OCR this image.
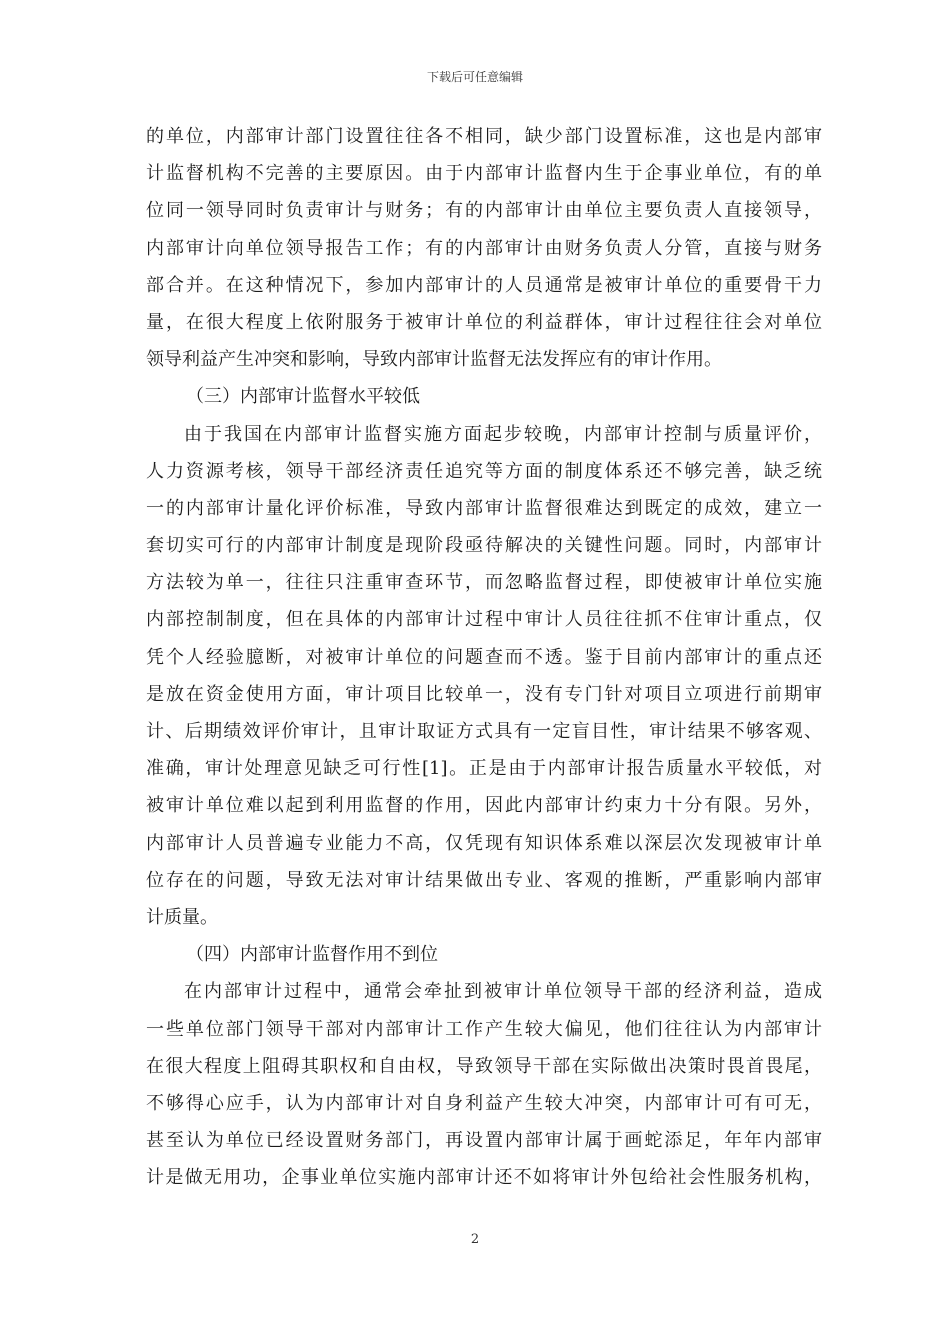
下载后可任意编辑
的单位，内部审计部门设置往往各不相同，缺少部门设置标准，这也是内部审
计监督机构不完善的主要原因。由于内部审计监督内生于企事业单位，有的单
位同一领导同时负责审计与财务；有的内部审计由单位主要负责人直接领导，
内部审计向单位领导报告工作；有的内部审计由财务负责人分管，直接与财务
部合并。在这种情况下，参加内部审计的人员通常是被审计单位的重要骨干力
量，在很大程度上依附服务于被审计单位的利益群体，审计过程往往会对单位
领导利益产生冲突和影响，导致内部审计监督无法发挥应有的审计作用。
（三）内部审计监督水平较低
由于我国在内部审计监督实施方面起步较晚，内部审计控制与质量评价，
人力资源考核，领导干部经济责任追究等方面的制度体系还不够完善，缺乏统
一的内部审计量化评价标准，导致内部审计监督很难达到既定的成效，建立一
套切实可行的内部审计制度是现阶段亟待解决的关键性问题。同时，内部审计
方法较为单一，往往只注重审查环节，而忽略监督过程，即使被审计单位实施
内部控制制度，但在具体的内部审计过程中审计人员往往抓不住审计重点，仅
凭个人经验臆断，对被审计单位的问题查而不透。鉴于目前内部审计的重点还
是放在资金使用方面，审计项目比较单一，没有专门针对项目立项进行前期审
计、后期绩效评价审计，且审计取证方式具有一定盲目性，审计结果不够客观、
准确，审计处理意见缺乏可行性[1]。正是由于内部审计报告质量水平较低，对
被审计单位难以起到利用监督的作用，因此内部审计约束力十分有限。另外，
内部审计人员普遍专业能力不高，仅凭现有知识体系难以深层次发现被审计单
位存在的问题，导致无法对审计结果做出专业、客观的推断，严重影响内部审
计质量。
（四）内部审计监督作用不到位
在内部审计过程中，通常会牵扯到被审计单位领导干部的经济利益，造成
一些单位部门领导干部对内部审计工作产生较大偏见，他们往往认为内部审计
在很大程度上阻碍其职权和自由权，导致领导干部在实际做出决策时畏首畏尾，
不够得心应手，认为内部审计对自身利益产生较大冲突，内部审计可有可无，
甚至认为单位已经设置财务部门，再设置内部审计属于画蛇添足，年年内部审
计是做无用功，企事业单位实施内部审计还不如将审计外包给社会性服务机构，
2
